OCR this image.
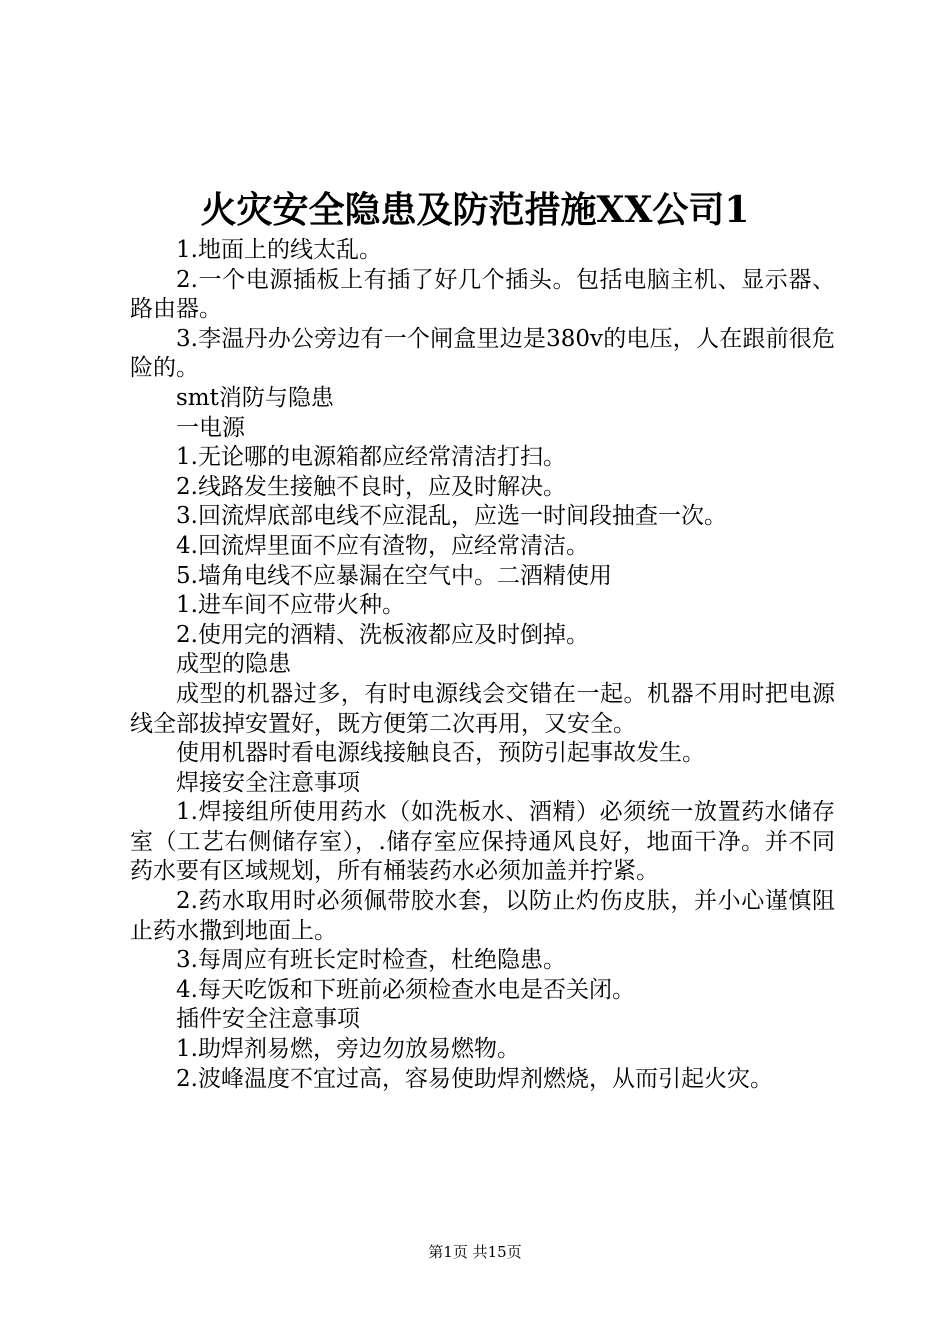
火灾安全隐患及防范措施XX公司1

1.地面上的线太乱。

2.一个电源插板上有插了好几个插头。包括电脑主机、显示器、路由器。

3.李温丹办公旁边有一个闸盒里边是380v的电压，人在跟前很危险的。

smt消防与隐患

一电源

1.无论哪的电源箱都应经常清洁打扫。

2.线路发生接触不良时，应及时解决。

3.回流焊底部电线不应混乱，应选一时间段抽查一次。

4.回流焊里面不应有渣物，应经常清洁。

5.墙角电线不应暴漏在空气中。二酒精使用

1.进车间不应带火种。

2.使用完的酒精、洗板液都应及时倒掉。

成型的隐患

成型的机器过多，有时电源线会交错在一起。机器不用时把电源线全部拔掉安置好，既方便第二次再用，又安全。

使用机器时看电源线接触良否，预防引起事故发生。

焊接安全注意事项

1.焊接组所使用药水（如洗板水、酒精）必须统一放置药水储存室（工艺右侧储存室），.储存室应保持通风良好，地面干净。并不同药水要有区域规划，所有桶装药水必须加盖并拧紧。

2.药水取用时必须佩带胶水套，以防止灼伤皮肤，并小心谨慎阻止药水撒到地面上。

3.每周应有班长定时检查，杜绝隐患。

4.每天吃饭和下班前必须检查水电是否关闭。

插件安全注意事项

1.助焊剂易燃，旁边勿放易燃物。

2.波峰温度不宜过高，容易使助焊剂燃烧，从而引起火灾。

第1页 共15页
